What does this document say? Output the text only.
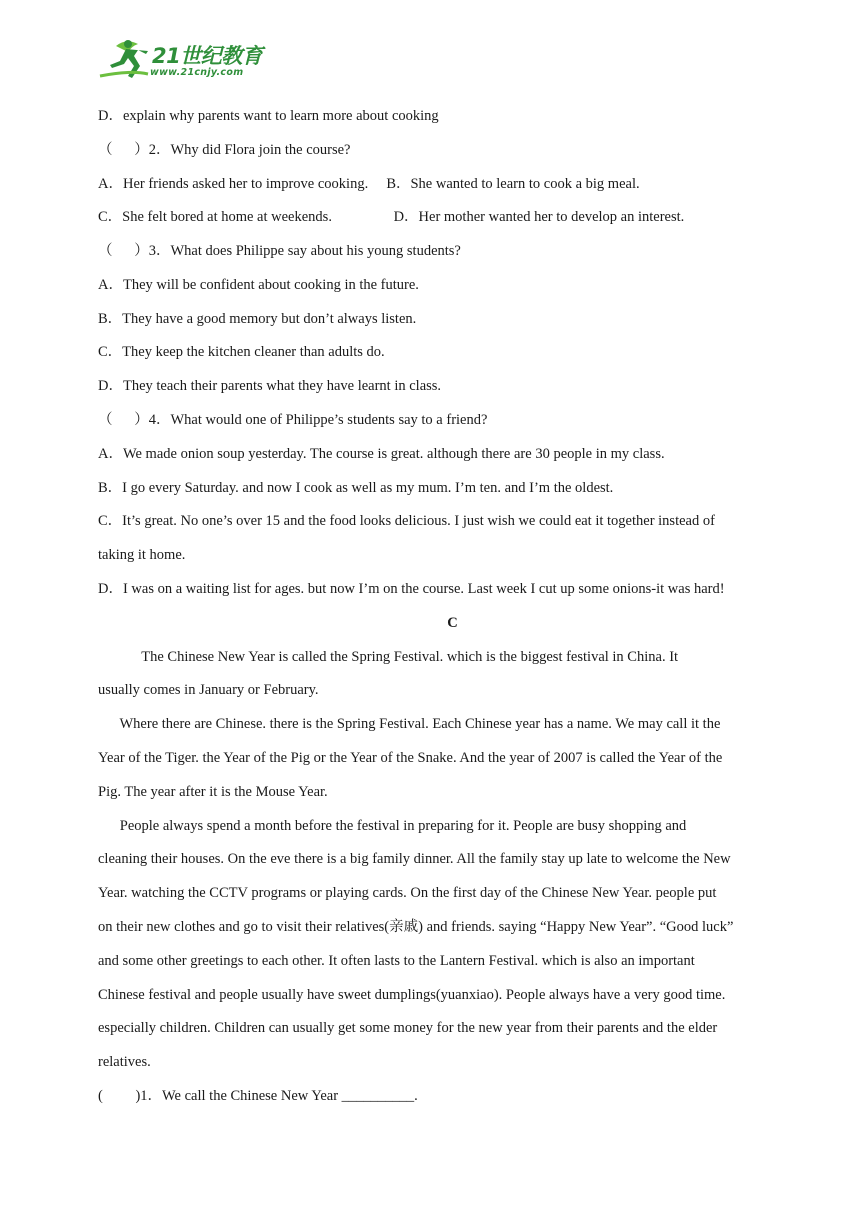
21世纪教育
www.21cnjy.com
D．explain why parents want to learn more about cooking
（　  ）2．Why did Flora join the course?
A．Her friends asked her to improve cooking.　 B．She wanted to learn to cook a big meal.
C．She felt bored at home at weekends.　　　　 D．Her mother wanted her to develop an interest.
（　  ）3．What does Philippe say about his young students?
A．They will be confident about cooking in the future.
B．They have a good memory but don’t always listen.
C．They keep the kitchen cleaner than adults do.
D．They teach their parents what they have learnt in class.
（　  ）4．What would one of Philippe’s students say to a friend?
A．We made onion soup yesterday. The course is great. although there are 30 people in my class.
B．I go every Saturday. and now I cook as well as my mum. I’m ten. and I’m the oldest.
C．It’s great. No one’s over 15 and the food looks delicious. I just wish we could eat it together instead of
taking it home.
D．I was on a waiting list for ages. but now I’m on the course. Last week I cut up some onions-it was hard!
C
The Chinese New Year is called the Spring Festival. which is the biggest festival in China. It
usually comes in January or February.
Where there are Chinese. there is the Spring Festival. Each Chinese year has a name. We may call it the
Year of the Tiger. the Year of the Pig or the Year of the Snake. And the year of 2007 is called the Year of the
Pig. The year after it is the Mouse Year.
People always spend a month before the festival in preparing for it. People are busy shopping and
cleaning their houses. On the eve there is a big family dinner. All the family stay up late to welcome the New
Year. watching the CCTV programs or playing cards. On the first day of the Chinese New Year. people put
on their new clothes and go to visit their relatives(亲戚) and friends. saying “Happy New Year”. “Good luck”
and some other greetings to each other. It often lasts to the Lantern Festival. which is also an important
Chinese festival and people usually have sweet dumplings(yuanxiao). People always have a very good time.
especially children. Children can usually get some money for the new year from their parents and the elder
relatives.
(　　 )1．We call the Chinese New Year __________.
